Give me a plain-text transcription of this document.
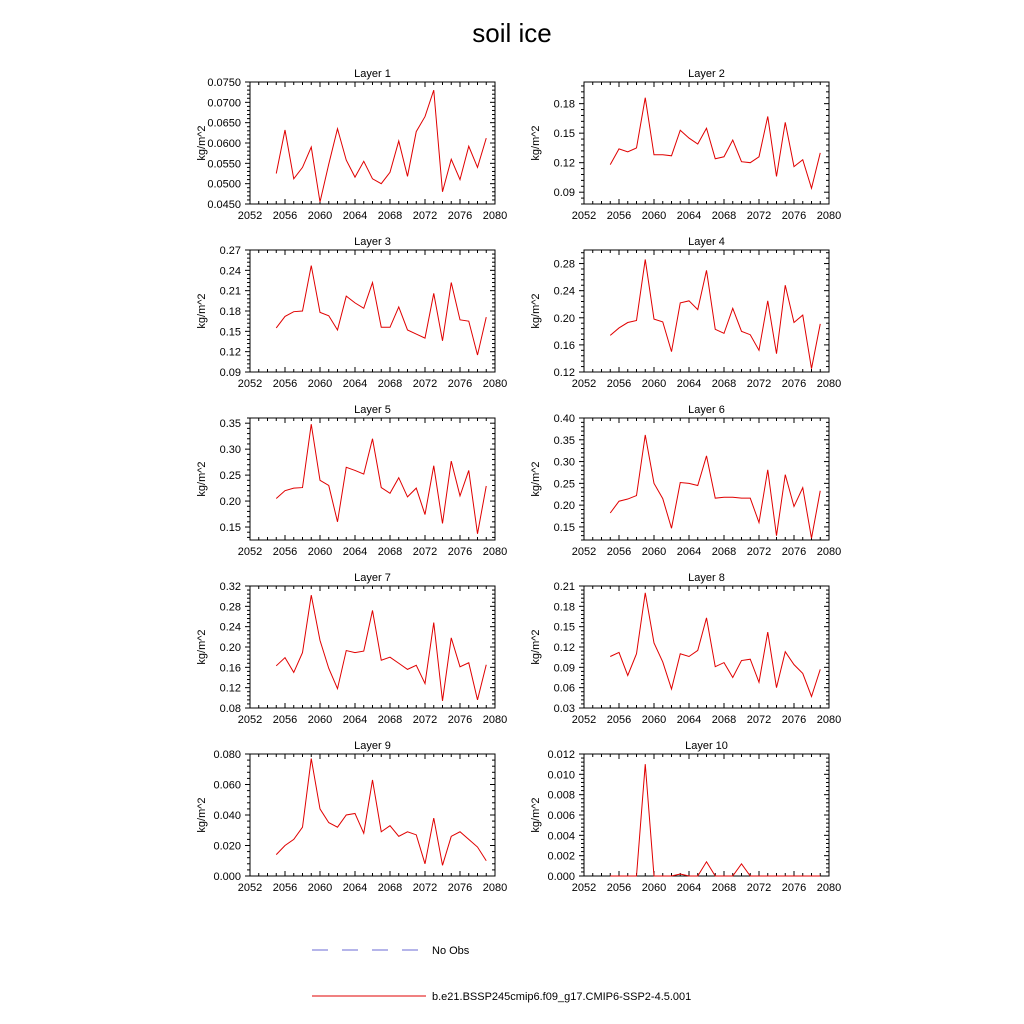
soil ice
Layer 1
kg/m^2
2052 2056 2060 2064 2068 2072 2076 2080
0.0450
0.0500
0.0550
0.0600
0.0650
0.0700
0.0750
Layer 2
kg/m^2
2052 2056 2060 2064 2068 2072 2076 2080
0.09
0.12
0.15
0.18
Layer 3
kg/m^2
2052 2056 2060 2064 2068 2072 2076 2080
0.09
0.12
0.15
0.18
0.21
0.24
0.27
Layer 4
kg/m^2
2052 2056 2060 2064 2068 2072 2076 2080
0.12
0.16
0.20
0.24
0.28
Layer 5
kg/m^2
2052 2056 2060 2064 2068 2072 2076 2080
0.15
0.20
0.25
0.30
0.35
Layer 6
kg/m^2
2052 2056 2060 2064 2068 2072 2076 2080
0.15
0.20
0.25
0.30
0.35
0.40
Layer 7
kg/m^2
2052 2056 2060 2064 2068 2072 2076 2080
0.08
0.12
0.16
0.20
0.24
0.28
0.32
Layer 8
kg/m^2
2052 2056 2060 2064 2068 2072 2076 2080
0.03
0.06
0.09
0.12
0.15
0.18
0.21
Layer 9
kg/m^2
2052 2056 2060 2064 2068 2072 2076 2080
0.000
0.020
0.040
0.060
0.080
Layer 10
kg/m^2
2052 2056 2060 2064 2068 2072 2076 2080
0.000
0.002
0.004
0.006
0.008
0.010
0.012
No Obs
b.e21.BSSP245cmip6.f09_g17.CMIP6-SSP2-4.5.001
